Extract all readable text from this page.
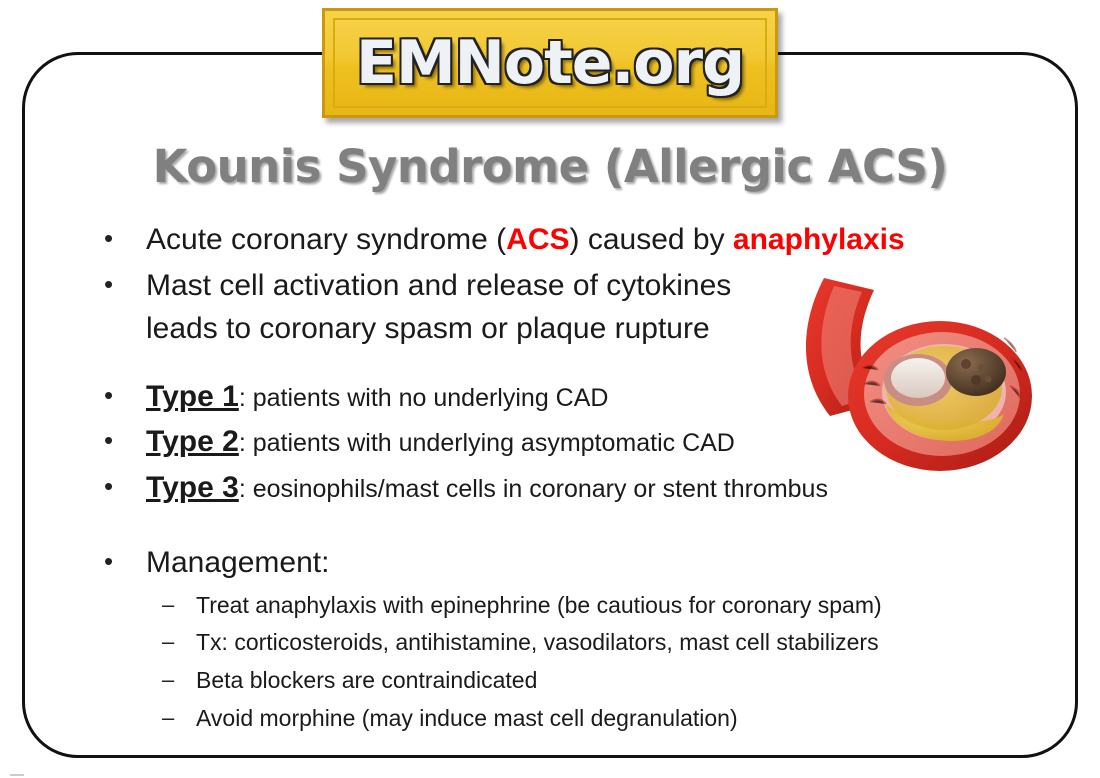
EMNote.org
Kounis Syndrome (Allergic ACS)
•	Acute coronary syndrome (ACS) caused by anaphylaxis
•	Mast cell activation and release of cytokines leads to coronary spasm or plaque rupture
•	Type 1: patients with no underlying CAD
•	Type 2: patients with underlying asymptomatic CAD
•	Type 3: eosinophils/mast cells in coronary or stent thrombus
•	Management:
– Treat anaphylaxis with epinephrine (be cautious for coronary spam)
– Tx: corticosteroids, antihistamine, vasodilators, mast cell stabilizers
– Beta blockers are contraindicated
– Avoid morphine (may induce mast cell degranulation)
